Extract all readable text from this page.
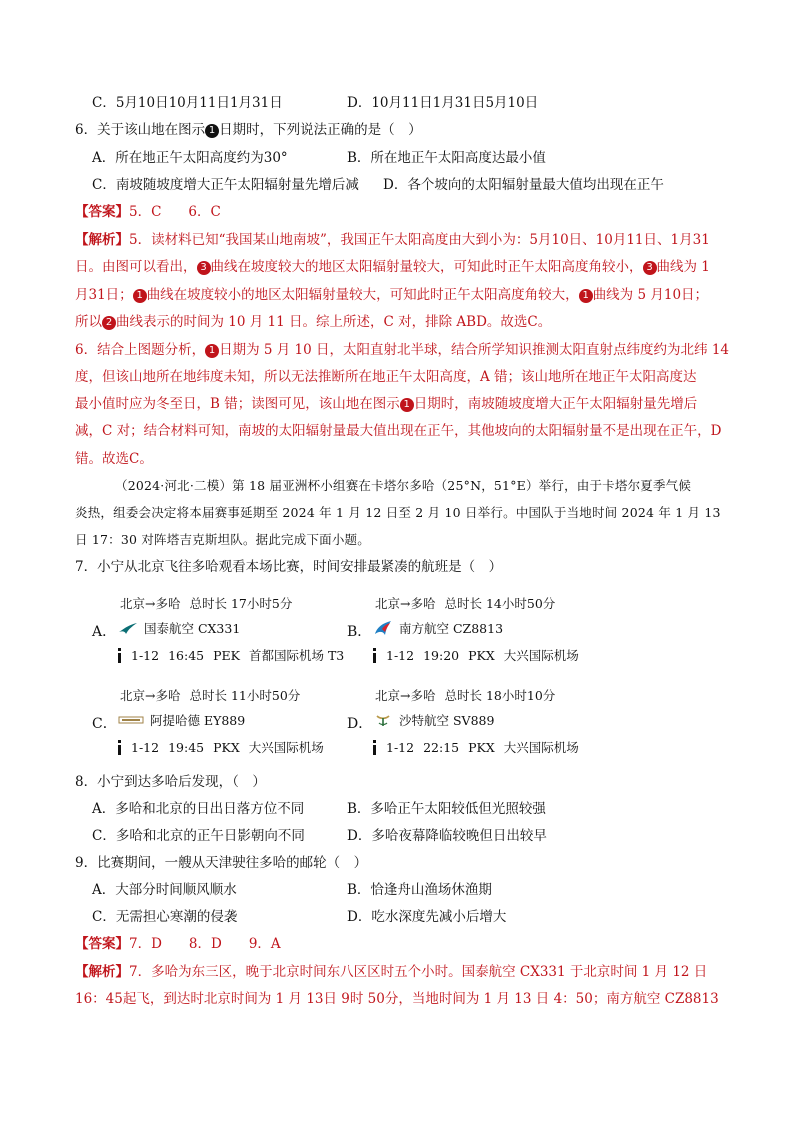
C．5月10日10月11日1月31日	D．10月11日1月31日5月10日
6．关于该山地在图示 1 日期时，下列说法正确的是（　）
A．所在地正午太阳高度约为30°	B．所在地正午太阳高度达最小值
C．南坡随坡度增大正午太阳辐射量先增后减 D．各个坡向的太阳辐射量最大值均出现在正午
【答案】5．C　　6．C
【解析】5．读材料已知“我国某山地南坡”，我国正午太阳高度由大到小为：5月10日、10月11日、1月31
日。由图可以看出， 3 曲线在坡度较大的地区太阳辐射量较大，可知此时正午太阳高度角较小， 3 曲线为 1
月31日； 1 曲线在坡度较小的地区太阳辐射量较大，可知此时正午太阳高度角较大， 1 曲线为 5 月10日；
所以 2 曲线表示的时间为 10 月 11 日。综上所述，C 对，排除 ABD。故选C。
6．结合上图题分析， 1 日期为 5 月 10 日，太阳直射北半球，结合所学知识推测太阳直射点纬度约为北纬 14
度，但该山地所在地纬度未知，所以无法推断所在地正午太阳高度，A 错；该山地所在地正午太阳高度达
最小值时应为冬至日，B 错；读图可见，该山地在图示 1 日期时，南坡随坡度增大正午太阳辐射量先增后
减，C 对；结合材料可知，南坡的太阳辐射量最大值出现在正午，其他坡向的太阳辐射量不是出现在正午，D
错。故选C。
（2024·河北·二模）第 18 届亚洲杯小组赛在卡塔尔多哈（25°N，51°E）举行，由于卡塔尔夏季气候
炎热，组委会决定将本届赛事延期至 2024 年 1 月 12 日至 2 月 10 日举行。中国队于当地时间 2024 年 1 月 13
日 17：30 对阵塔吉克斯坦队。据此完成下面小题。
7．小宁从北京飞往多哈观看本场比赛，时间安排最紧凑的航班是（　）
A．
北京→多哈 总时长 17小时5分
国泰航空 CX331
1-12 16:45 PEK 首都国际机场 T3
B．
北京→多哈 总时长 14小时50分
南方航空 CZ8813
1-12 19:20 PKX 大兴国际机场
C．
北京→多哈 总时长 11小时50分
阿提哈德 EY889
1-12 19:45 PKX 大兴国际机场
D．
北京→多哈 总时长 18小时10分
沙特航空 SV889
1-12 22:15 PKX 大兴国际机场
8．小宁到达多哈后发现，（　）
A．多哈和北京的日出日落方位不同	B．多哈正午太阳较低但光照较强
C．多哈和北京的正午日影朝向不同	D．多哈夜幕降临较晚但日出较早
9．比赛期间，一艘从天津驶往多哈的邮轮（　）
A．大部分时间顺风顺水	B．恰逢舟山渔场休渔期
C．无需担心寒潮的侵袭	D．吃水深度先减小后增大
【答案】7．D　　8．D　　9．A
【解析】7．多哈为东三区，晚于北京时间东八区区时五个小时。国泰航空 CX331 于北京时间 1 月 12 日
16：45起飞，到达时北京时间为 1 月 13日 9时 50分，当地时间为 1 月 13 日 4：50；南方航空 CZ8813
